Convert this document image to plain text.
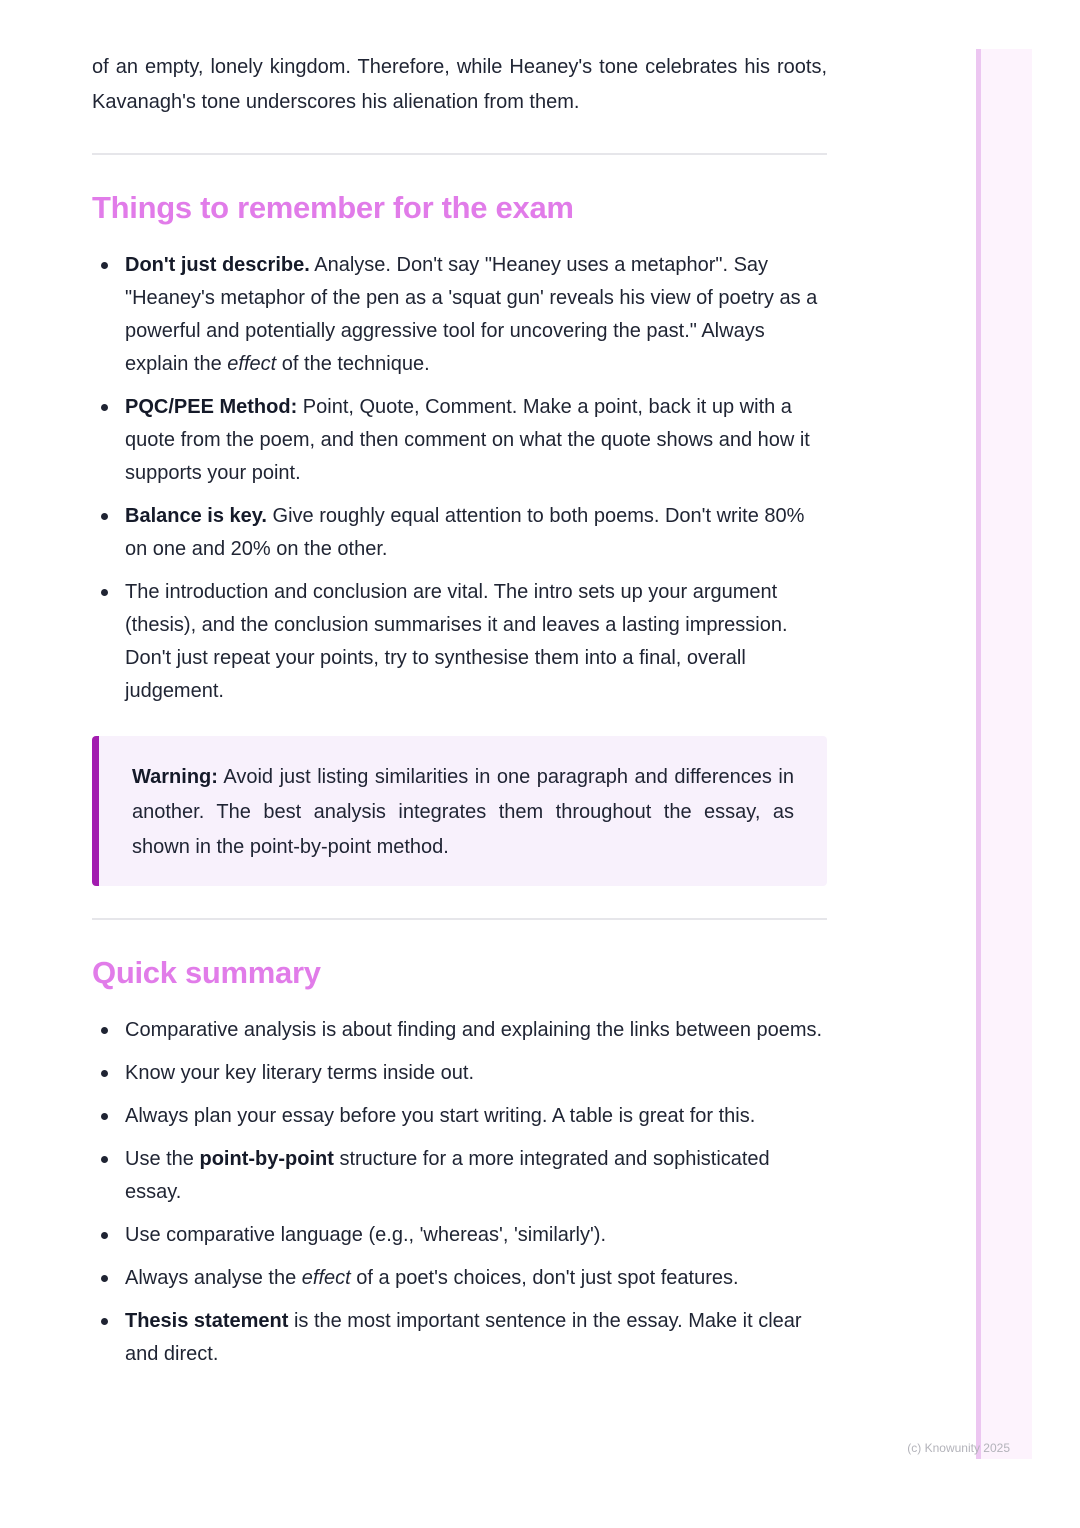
of an empty, lonely kingdom. Therefore, while Heaney's tone celebrates his roots, Kavanagh's tone underscores his alienation from them.

Things to remember for the exam
Don't just describe. Analyse. Don't say "Heaney uses a metaphor". Say "Heaney's metaphor of the pen as a 'squat gun' reveals his view of poetry as a powerful and potentially aggressive tool for uncovering the past." Always explain the effect of the technique.
PQC/PEE Method: Point, Quote, Comment. Make a point, back it up with a quote from the poem, and then comment on what the quote shows and how it supports your point.
Balance is key. Give roughly equal attention to both poems. Don't write 80% on one and 20% on the other.
The introduction and conclusion are vital. The intro sets up your argument (thesis), and the conclusion summarises it and leaves a lasting impression. Don't just repeat your points, try to synthesise them into a final, overall judgement.

Warning: Avoid just listing similarities in one paragraph and differences in another. The best analysis integrates them throughout the essay, as shown in the point-by-point method.

Quick summary
Comparative analysis is about finding and explaining the links between poems.
Know your key literary terms inside out.
Always plan your essay before you start writing. A table is great for this.
Use the point-by-point structure for a more integrated and sophisticated essay.
Use comparative language (e.g., 'whereas', 'similarly').
Always analyse the effect of a poet's choices, don't just spot features.
Thesis statement is the most important sentence in the essay. Make it clear and direct.
(c) Knowunity 2025
